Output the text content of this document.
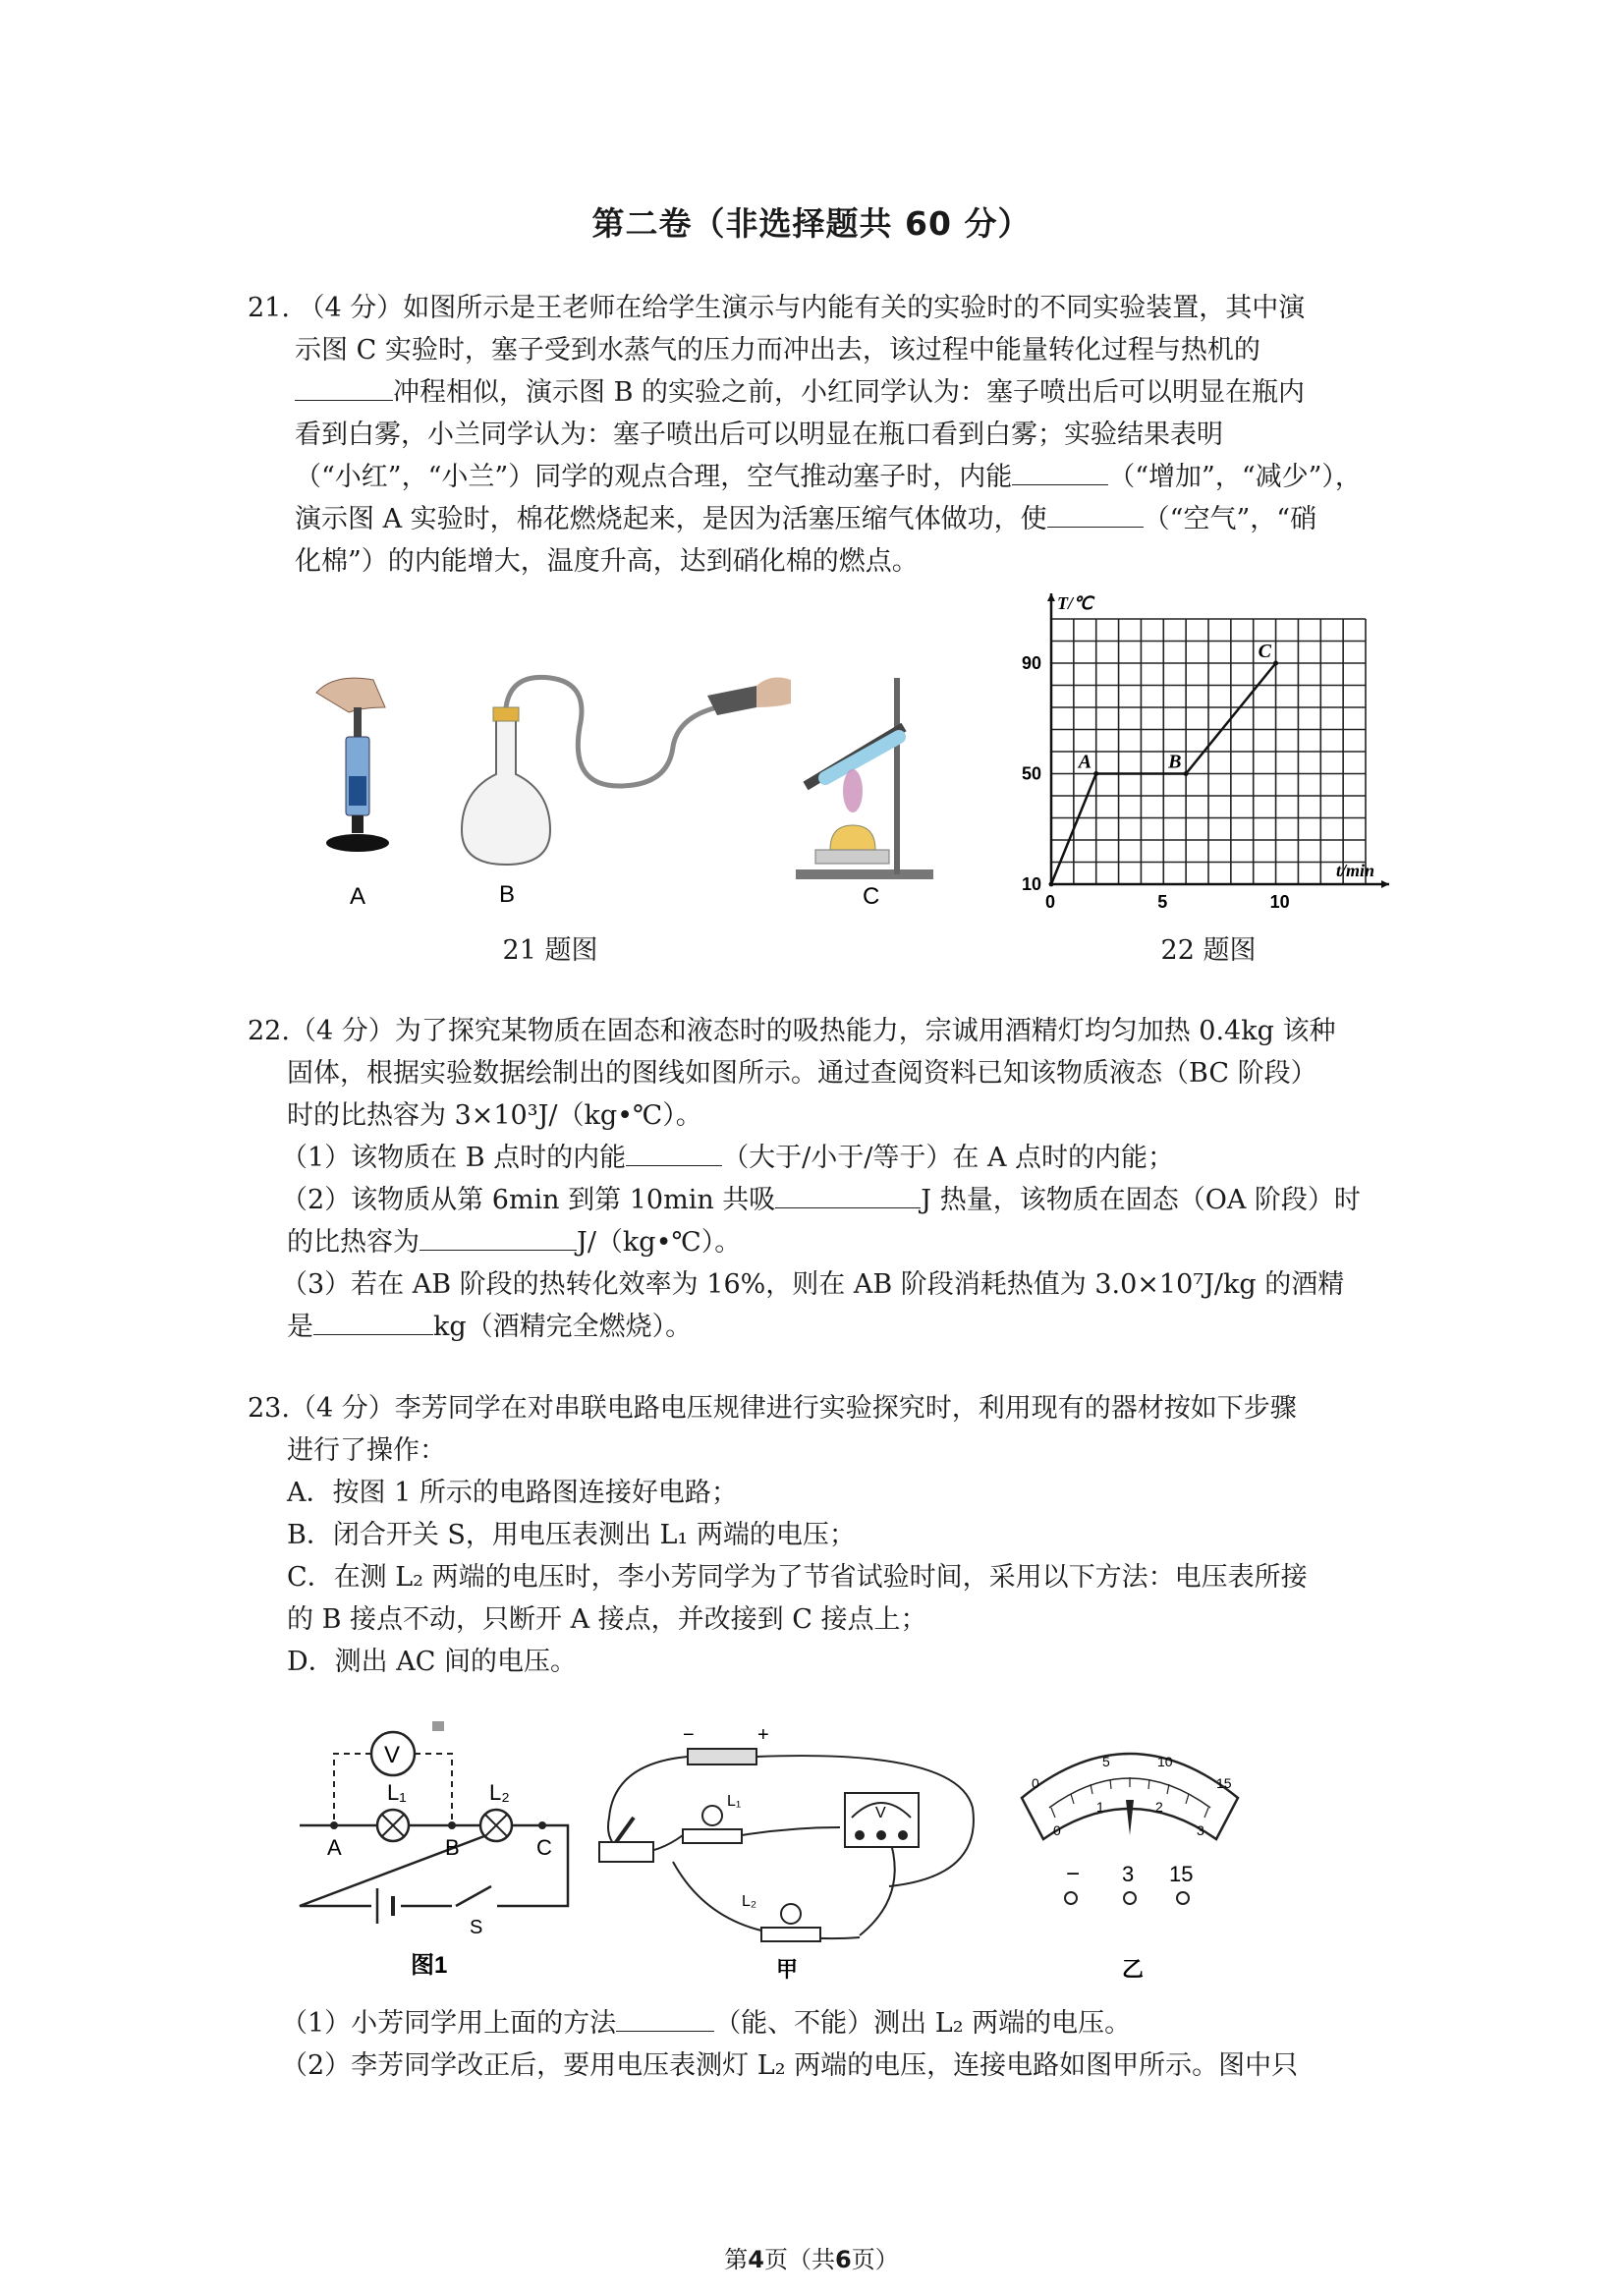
第二卷（非选择题共 60 分）
21. （4 分）如图所示是王老师在给学生演示与内能有关的实验时的不同实验装置，其中演
示图 C 实验时，塞子受到水蒸气的压力而冲出去，该过程中能量转化过程与热机的
冲程相似，演示图 B 的实验之前，小红同学认为：塞子喷出后可以明显在瓶内
看到白雾，小兰同学认为：塞子喷出后可以明显在瓶口看到白雾；实验结果表明
（“小红”，“小兰”）同学的观点合理，空气推动塞子时，内能	（“增加”，“减少”），
演示图 A 实验时，棉花燃烧起来，是因为活塞压缩气体做功，使	（“空气”，“硝
化棉”）的内能增大，温度升高，达到硝化棉的燃点。
A	B	C
21 题图
0	5	10
10
50
90
A	B
C
t/min
T/℃
22 题图
22.（4 分）为了探究某物质在固态和液态时的吸热能力，宗诚用酒精灯均匀加热 0.4kg 该种
固体，根据实验数据绘制出的图线如图所示。通过查阅资料已知该物质液态（BC 阶段）
时的比热容为 3×10³J/（kg•℃）。
（1）该物质在 B 点时的内能	（大于/小于/等于）在 A 点时的内能；
（2）该物质从第 6min 到第 10min 共吸	J 热量，该物质在固态（OA 阶段）时
的比热容为	J/（kg•℃）。
（3）若在 AB 阶段的热转化效率为 16%，则在 AB 阶段消耗热值为 3.0×10⁷J/kg 的酒精
是	kg（酒精完全燃烧）。
23.（4 分）李芳同学在对串联电路电压规律进行实验探究时，利用现有的器材按如下步骤
进行了操作：
A．按图 1 所示的电路图连接好电路；
B．闭合开关 S，用电压表测出 L₁ 两端的电压；
C．在测 L₂ 两端的电压时，李小芳同学为了节省试验时间，采用以下方法：电压表所接
的 B 接点不动，只断开 A 接点，并改接到 C 接点上；
D．测出 AC 间的电压。
V
L₁	L₂
A	B	C
S
图1
−	+
L₁
L₂
V
甲
0
5	10
15
0
1	2
3
− 3 15
乙
（1）小芳同学用上面的方法	（能、不能）测出 L₂ 两端的电压。
（2）李芳同学改正后，要用电压表测灯 L₂ 两端的电压，连接电路如图甲所示。图中只
第4页（共6页）
